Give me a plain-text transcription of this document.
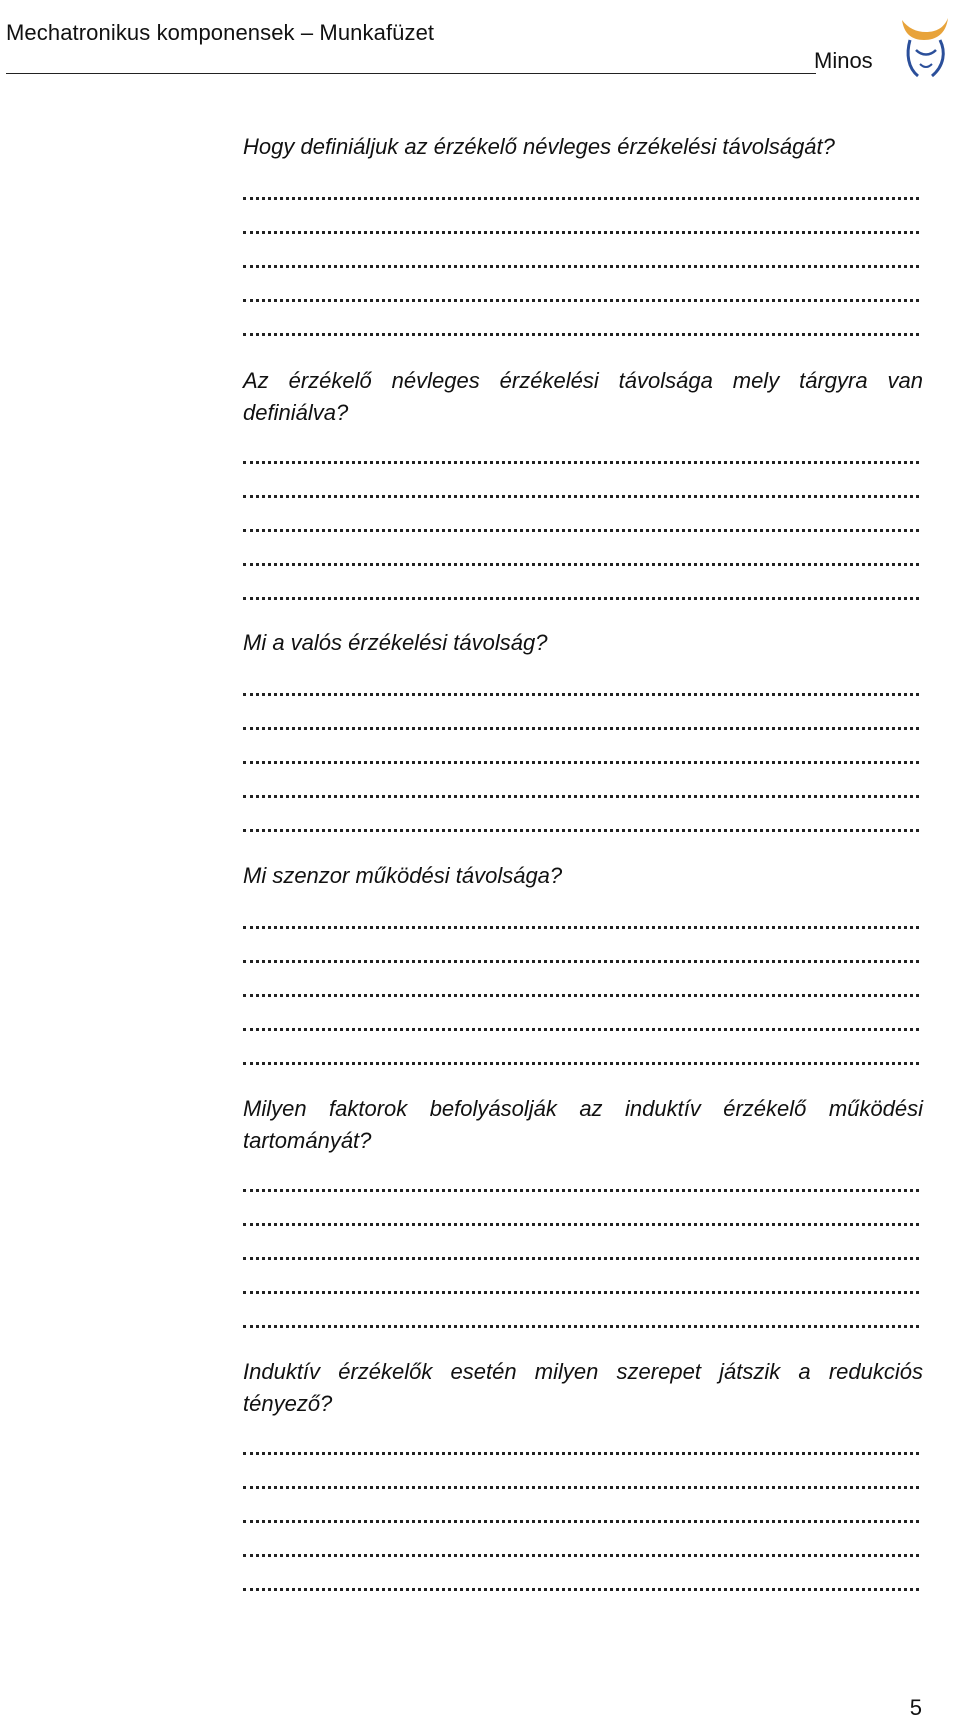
Mechatronikus komponensek – Munkafüzet
Minos
Hogy definiáljuk az érzékelő névleges érzékelési távolságát?
Az érzékelő névleges érzékelési távolsága mely tárgyra van definiálva?
Mi a valós érzékelési távolság?
Mi szenzor működési távolsága?
Milyen faktorok befolyásolják az induktív érzékelő működési tartományát?
Induktív érzékelők esetén milyen szerepet játszik a redukciós tényező?
5
